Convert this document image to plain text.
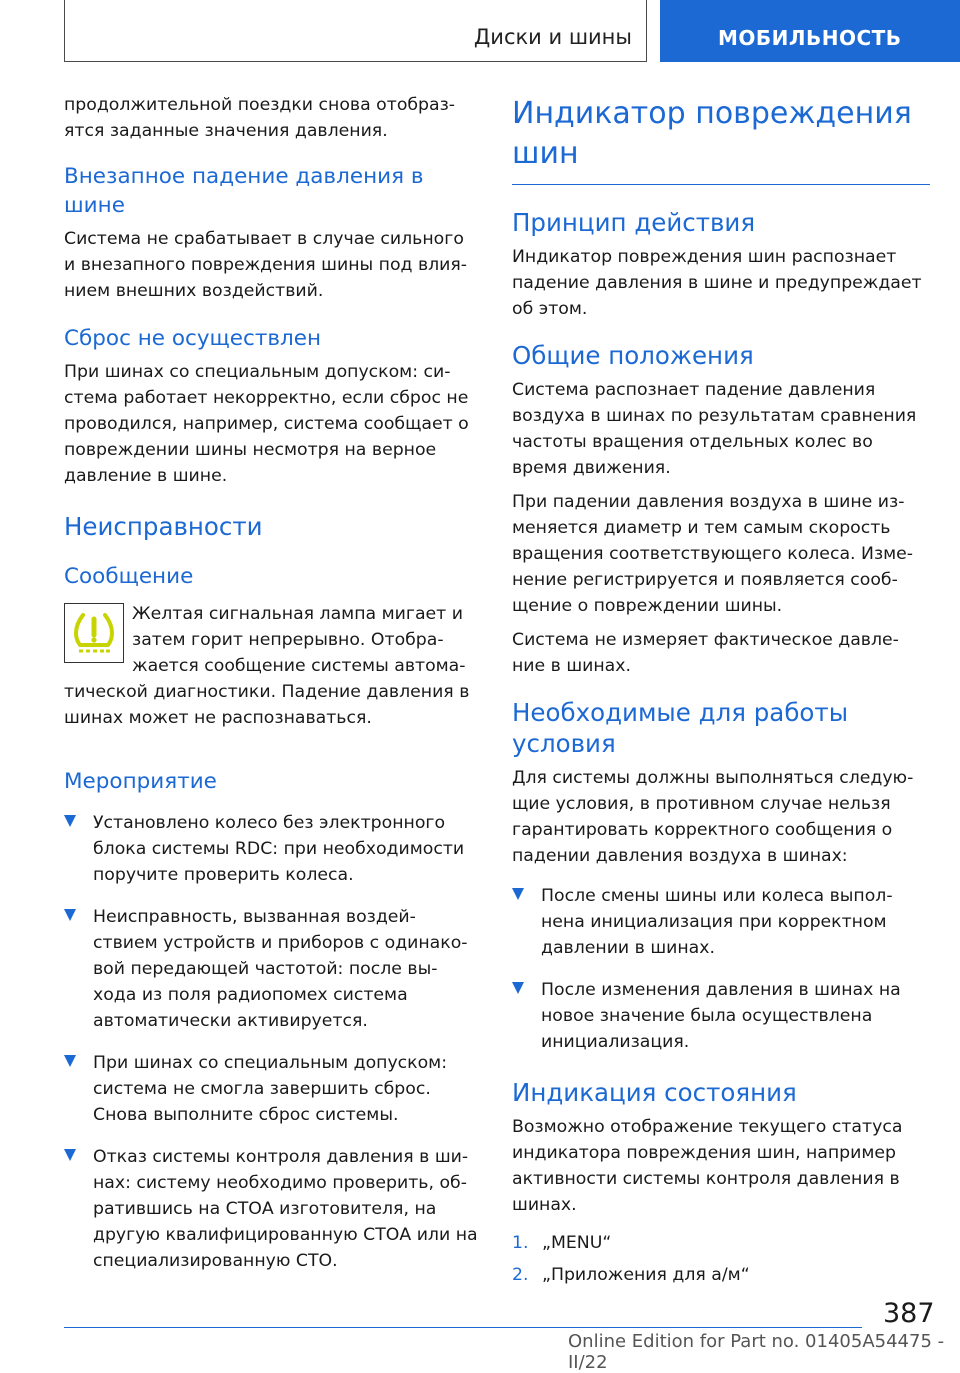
Диски и шины	МОБИЛЬНОСТЬ

продолжительной поездки снова отобраз-ятся заданные значения давления.

Внезапное падение давления в шине

Система не срабатывает в случае сильного и внезапного повреждения шины под влия-нием внешних воздействий.

Сброс не осуществлен

При шинах со специальным допуском: си-стема работает некорректно, если сброс не проводился, например, система сообщает о повреждении шины несмотря на верное давление в шине.

Неисправности
Сообщение

Желтая сигнальная лампа мигает и затем горит непрерывно. Отобра-жается сообщение системы автома-тической диагностики. Падение давления в шинах может не распознаваться.

Мероприятие
Установлено колесо без электронного блока системы RDC: при необходимости поручите проверить колеса.
Неисправность, вызванная воздей-ствием устройств и приборов с одинако-вой передающей частотой: после вы-хода из поля радиопомех система автоматически активируется.
При шинах со специальным допуском: система не смогла завершить сброс. Снова выполните сброс системы.
Отказ системы контроля давления в ши-нах: систему необходимо проверить, об-ратившись на СТОА изготовителя, на другую квалифицированную СТОА или на специализированную СТО.
Индикатор повреждения шин
Принцип действия

Индикатор повреждения шин распознает падение давления в шине и предупреждает об этом.

Общие положения

Система распознает падение давления воздуха в шинах по результатам сравнения частоты вращения отдельных колес во время движения.

При падении давления воздуха в шине из-меняется диаметр и тем самым скорость вращения соответствующего колеса. Изме-нение регистрируется и появляется сооб-щение о повреждении шины.

Система не измеряет фактическое давле-ние в шинах.

Необходимые для работы условия

Для системы должны выполняться следую-щие условия, в противном случае нельзя гарантировать корректного сообщения о падении давления воздуха в шинах:

После смены шины или колеса выпол-нена инициализация при корректном давлении в шинах.
После изменения давления в шинах на новое значение была осуществлена инициализация.
Индикация состояния

Возможно отображение текущего статуса индикатора повреждения шин, например активности системы контроля давления в шинах.

1. „MENU“
2. „Приложения для а/м“
387
Online Edition for Part no. 01405A54475 - II/22
